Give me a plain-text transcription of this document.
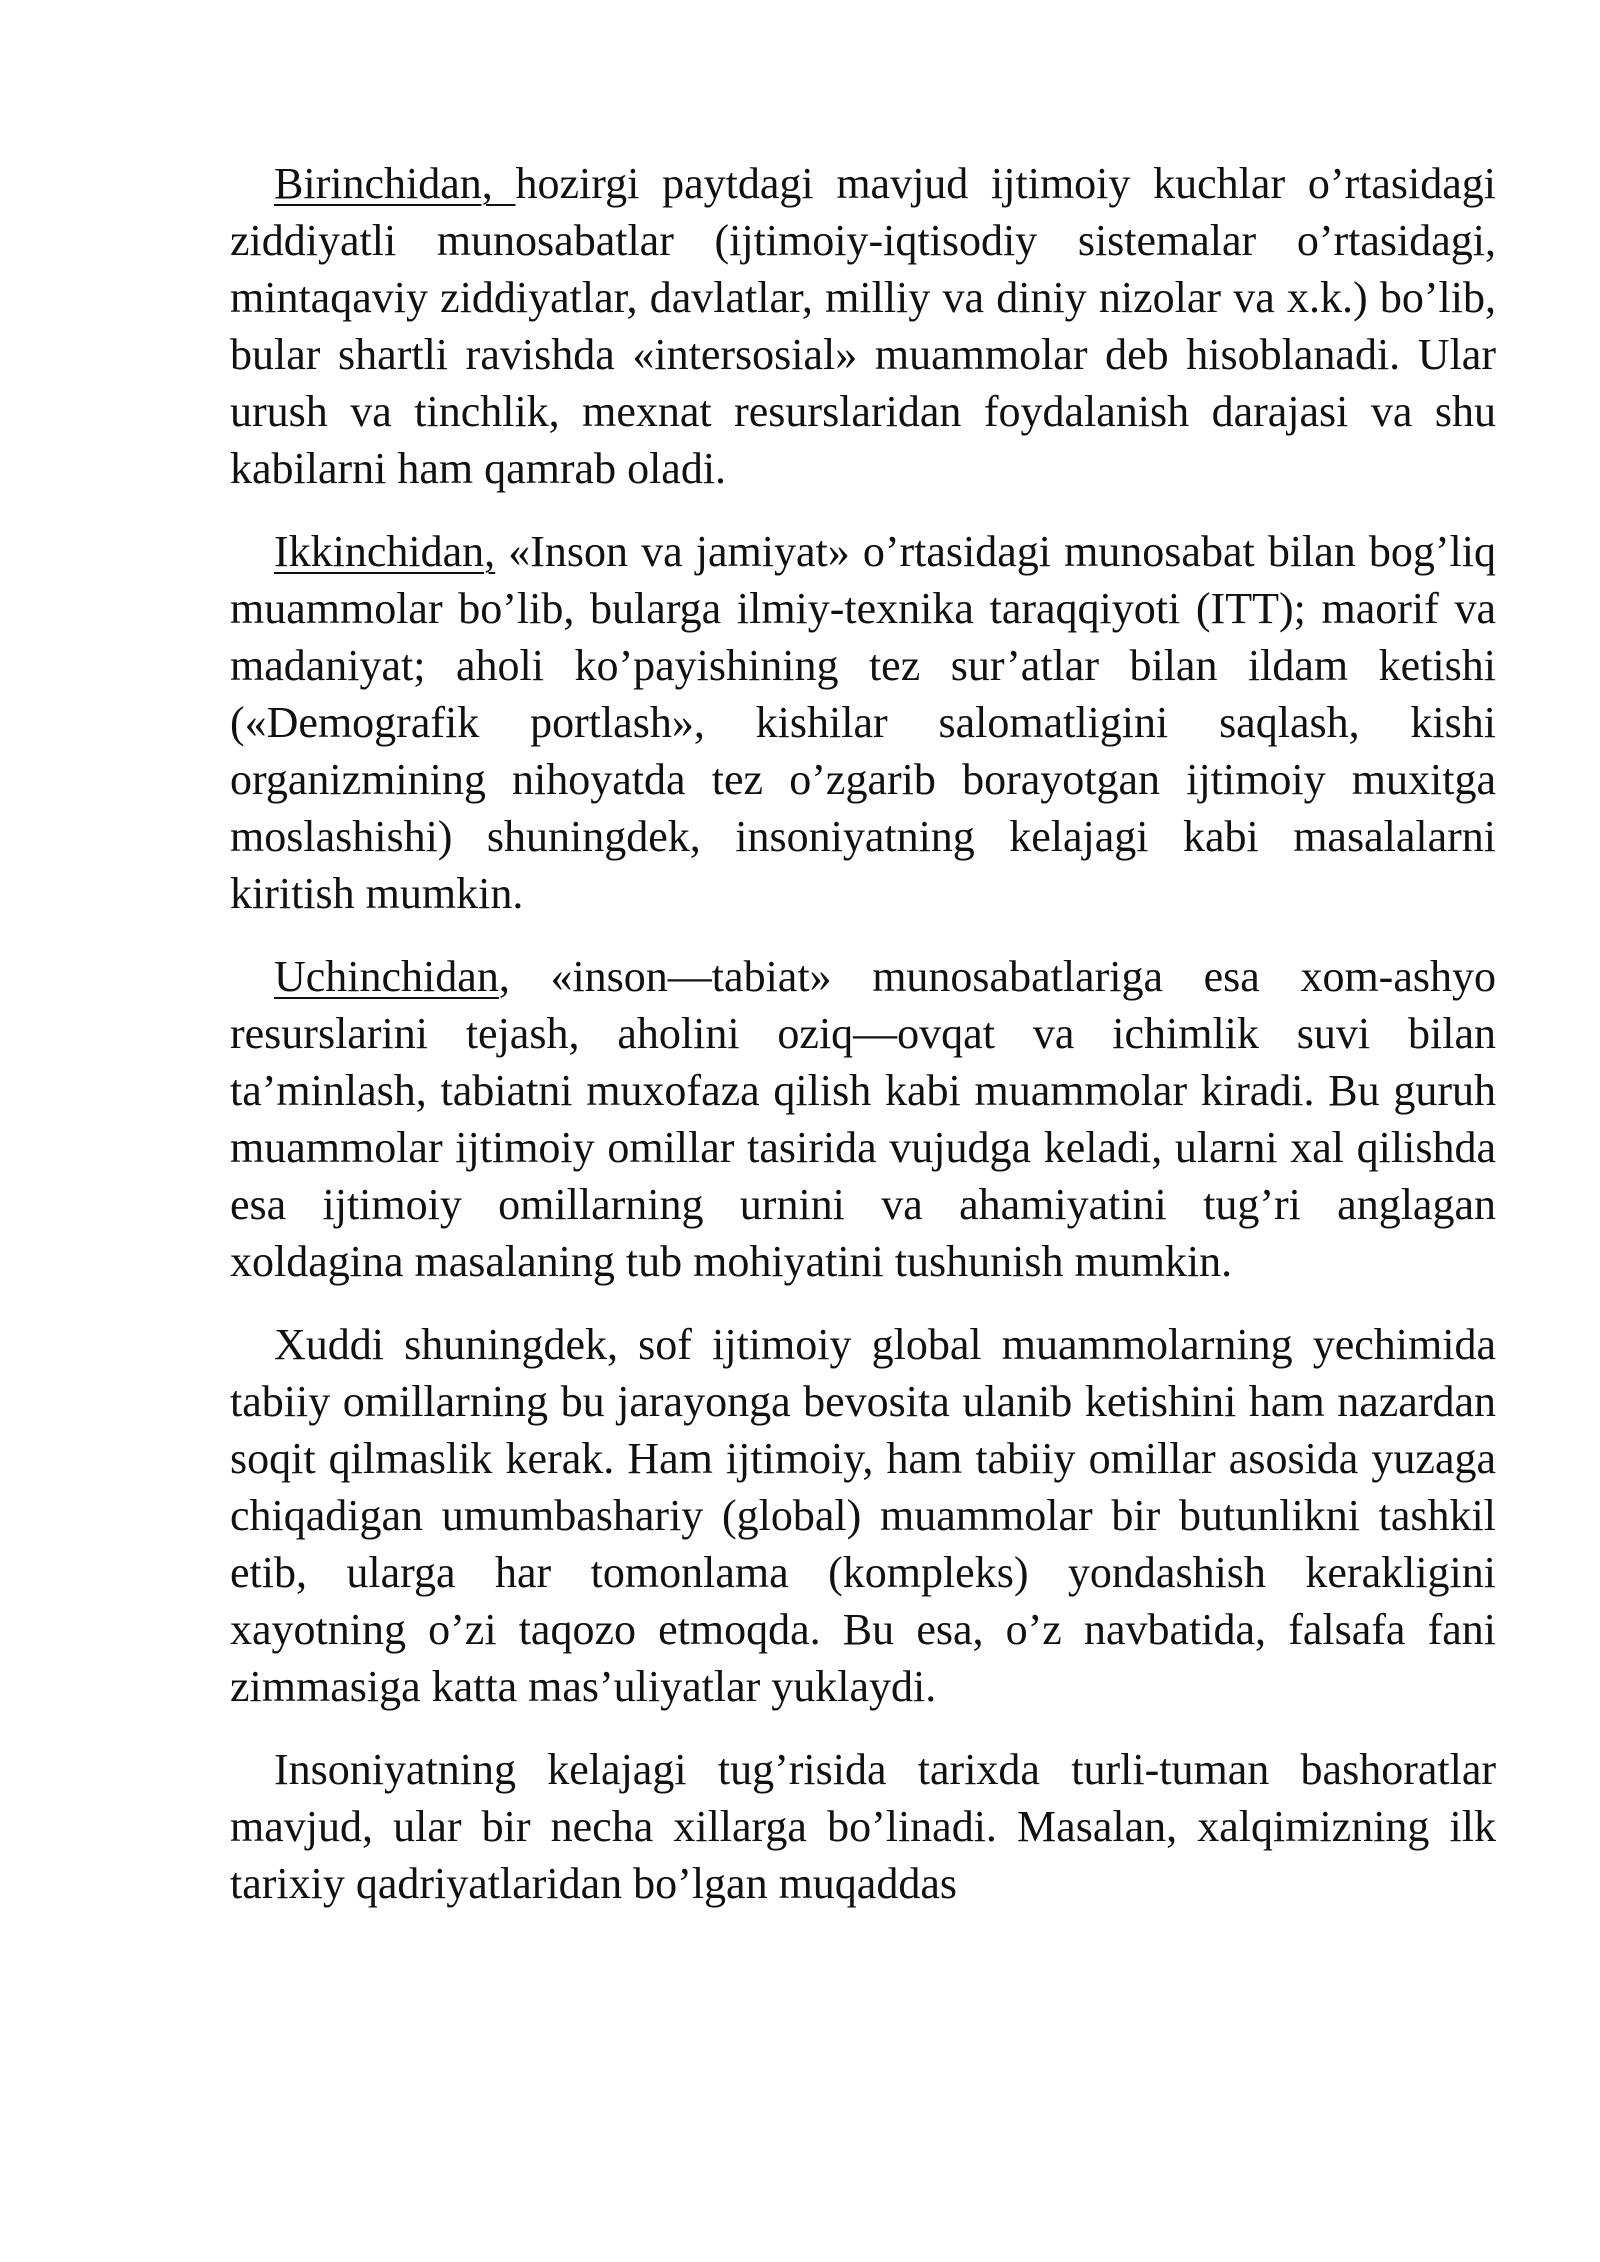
Birinchidan, hozirgi paytdagi mavjud ijtimoiy kuchlar o’rtasidagi ziddiyatli munosabatlar (ijtimoiy-iqtisodiy sistemalar o’rtasidagi, mintaqaviy ziddiyatlar, davlatlar, milliy va diniy nizolar va x.k.) bo’lib, bular shartli ravishda «intersosial» muammolar deb hisoblanadi. Ular urush va tinchlik, mexnat resurslaridan foydalanish darajasi va shu kabilarni ham qamrab oladi.

Ikkinchidan, «Inson va jamiyat» o’rtasidagi munosabat bilan bog’liq muammolar bo’lib, bularga ilmiy-texnika taraqqiyoti (ITT); maorif va madaniyat; aholi ko’payishining tez sur’atlar bilan ildam ketishi («Demografik portlash», kishilar salomatligini saqlash, kishi organizmining nihoyatda tez o’zgarib borayotgan ijtimoiy muxitga moslashishi) shuningdek, insoniyatning kelajagi kabi masalalarni kiritish mumkin.

Uchinchidan, «inson—tabiat» munosabatlariga esa xom-ashyo resurslarini tejash, aholini oziq—ovqat va ichimlik suvi bilan ta’minlash, tabiatni muxofaza qilish kabi muammolar kiradi. Bu guruh muammolar ijtimoiy omillar tasirida vujudga keladi, ularni xal qilishda esa ijtimoiy omillarning urnini va ahamiyatini tug’ri anglagan xoldagina masalaning tub mohiyatini tushunish mumkin.

Xuddi shuningdek, sof ijtimoiy global muammolarning yechimida tabiiy omillarning bu jarayonga bevosita ulanib ketishini ham nazardan soqit qilmaslik kerak. Ham ijtimoiy, ham tabiiy omillar asosida yuzaga chiqadigan umumbashariy (global) muammolar bir butunlikni tashkil etib, ularga har tomonlama (kompleks) yondashish kerakligini xayotning o’zi taqozo etmoqda. Bu esa, o’z navbatida, falsafa fani zimmasiga katta mas’uliyatlar yuklaydi.

Insoniyatning kelajagi tug’risida tarixda turli-tuman bashoratlar mavjud, ular bir necha xillarga bo’linadi. Masalan, xalqimizning ilk tarixiy qadriyatlaridan bo’lgan muqaddas
